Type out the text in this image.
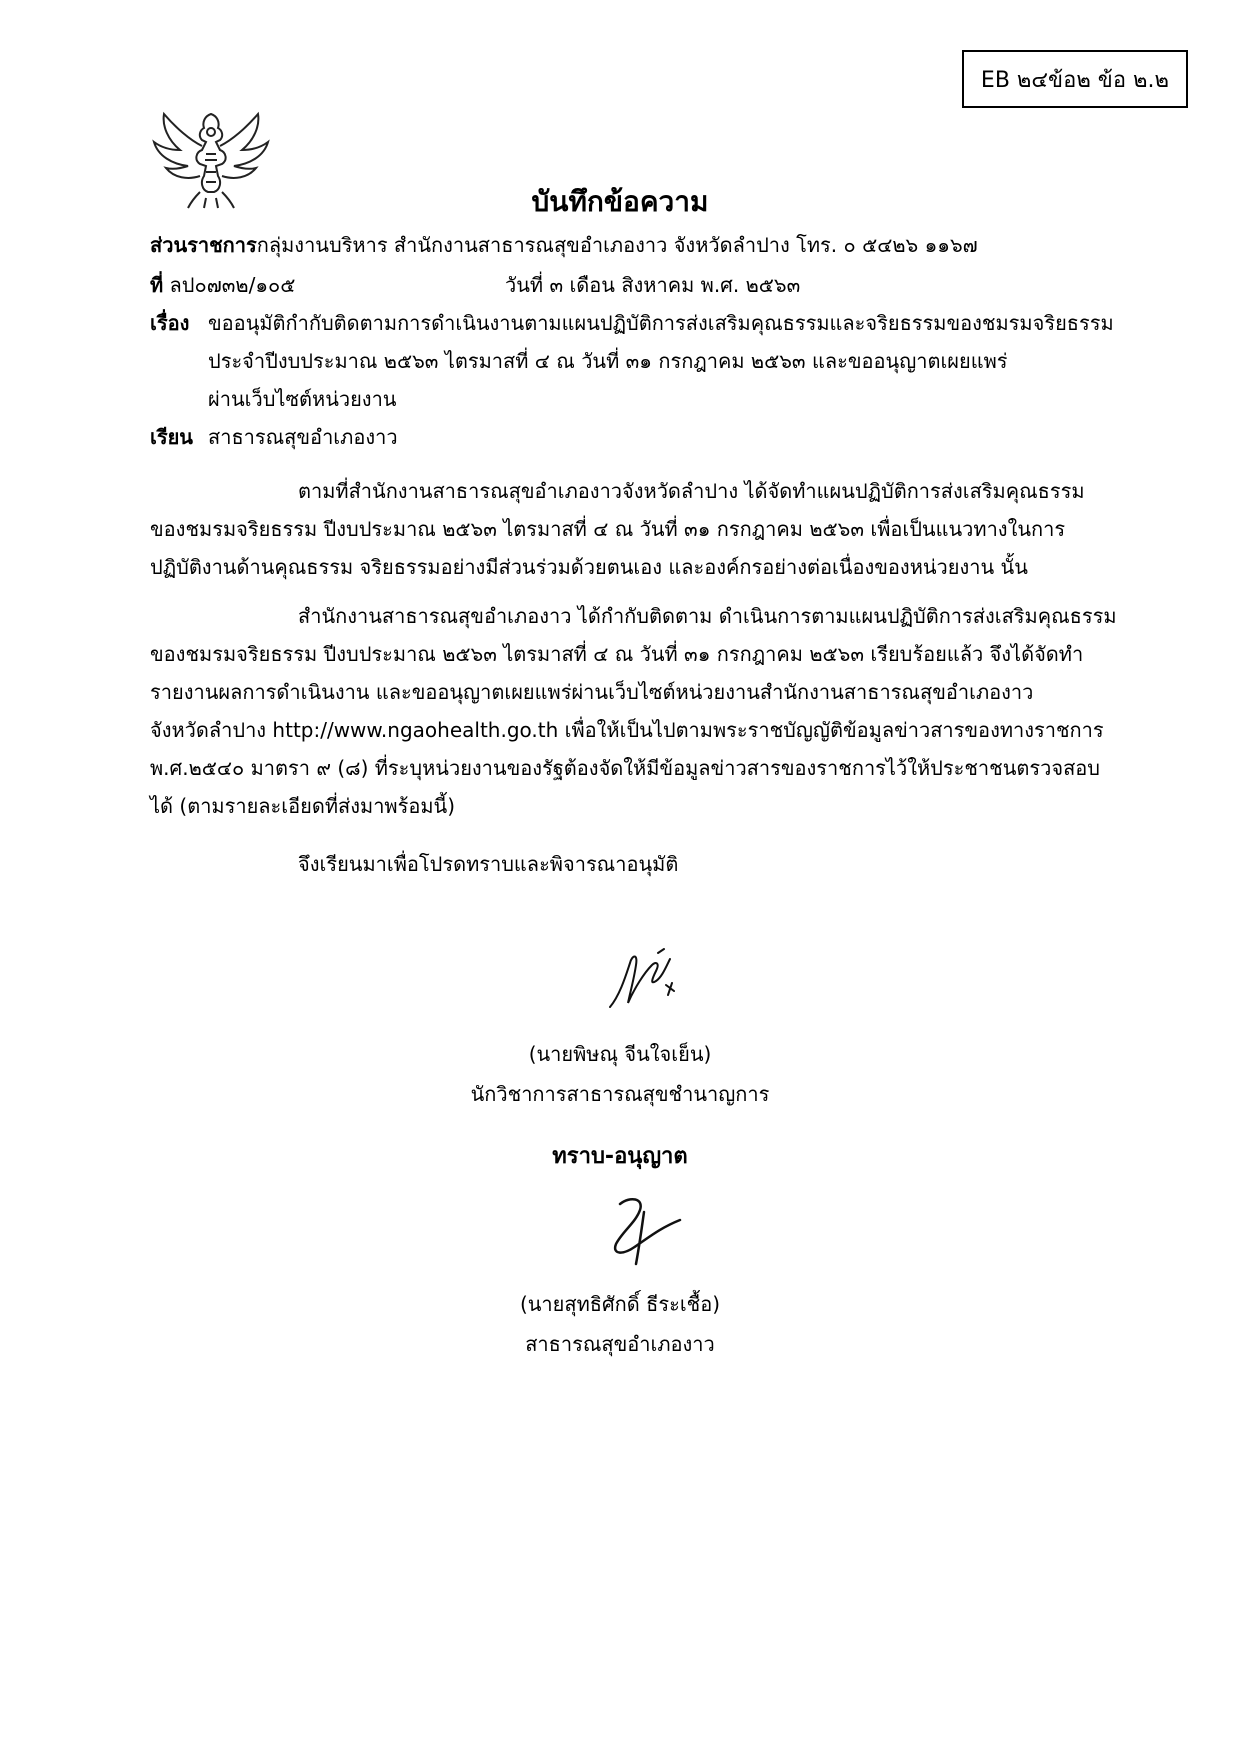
EB ๒๔ข้อ๒ ข้อ ๒.๒
บันทึกข้อความ
ส่วนราชการกลุ่มงานบริหาร สำนักงานสาธารณสุขอำเภองาว จังหวัดลำปาง โทร. ๐ ๕๔๒๖ ๑๑๖๗
ที่ ลป๐๗๓๒/๑๐๕	วันที่ ๓ เดือน สิงหาคม พ.ศ. ๒๕๖๓
เรื่อง ขออนุมัติกำกับติดตามการดำเนินงานตามแผนปฏิบัติการส่งเสริมคุณธรรมและจริยธรรมของชมรมจริยธรรม
ประจำปีงบประมาณ ๒๕๖๓ ไตรมาสที่ ๔ ณ วันที่ ๓๑ กรกฎาคม ๒๕๖๓ และขออนุญาตเผยแพร่
ผ่านเว็บไซต์หน่วยงาน
เรียน สาธารณสุขอำเภองาว
ตามที่สำนักงานสาธารณสุขอำเภองาวจังหวัดลำปาง ได้จัดทำแผนปฏิบัติการส่งเสริมคุณธรรม
ของชมรมจริยธรรม ปีงบประมาณ ๒๕๖๓ ไตรมาสที่ ๔ ณ วันที่ ๓๑ กรกฎาคม ๒๕๖๓ เพื่อเป็นแนวทางในการ
ปฏิบัติงานด้านคุณธรรม จริยธรรมอย่างมีส่วนร่วมด้วยตนเอง และองค์กรอย่างต่อเนื่องของหน่วยงาน นั้น
สำนักงานสาธารณสุขอำเภองาว ได้กำกับติดตาม ดำเนินการตามแผนปฏิบัติการส่งเสริมคุณธรรม
ของชมรมจริยธรรม ปีงบประมาณ ๒๕๖๓ ไตรมาสที่ ๔ ณ วันที่ ๓๑ กรกฎาคม ๒๕๖๓ เรียบร้อยแล้ว จึงได้จัดทำ
รายงานผลการดำเนินงาน และขออนุญาตเผยแพร่ผ่านเว็บไซต์หน่วยงานสำนักงานสาธารณสุขอำเภองาว
จังหวัดลำปาง http://www.ngaohealth.go.th เพื่อให้เป็นไปตามพระราชบัญญัติข้อมูลข่าวสารของทางราชการ
พ.ศ.๒๕๔๐ มาตรา ๙ (๘) ที่ระบุหน่วยงานของรัฐต้องจัดให้มีข้อมูลข่าวสารของราชการไว้ให้ประชาชนตรวจสอบ
ได้ (ตามรายละเอียดที่ส่งมาพร้อมนี้)
จึงเรียนมาเพื่อโปรดทราบและพิจารณาอนุมัติ
(นายพิษณุ จีนใจเย็น)
นักวิชาการสาธารณสุขชำนาญการ
ทราบ-อนุญาต
(นายสุทธิศักดิ์ ธีระเชื้อ)
สาธารณสุขอำเภองาว
